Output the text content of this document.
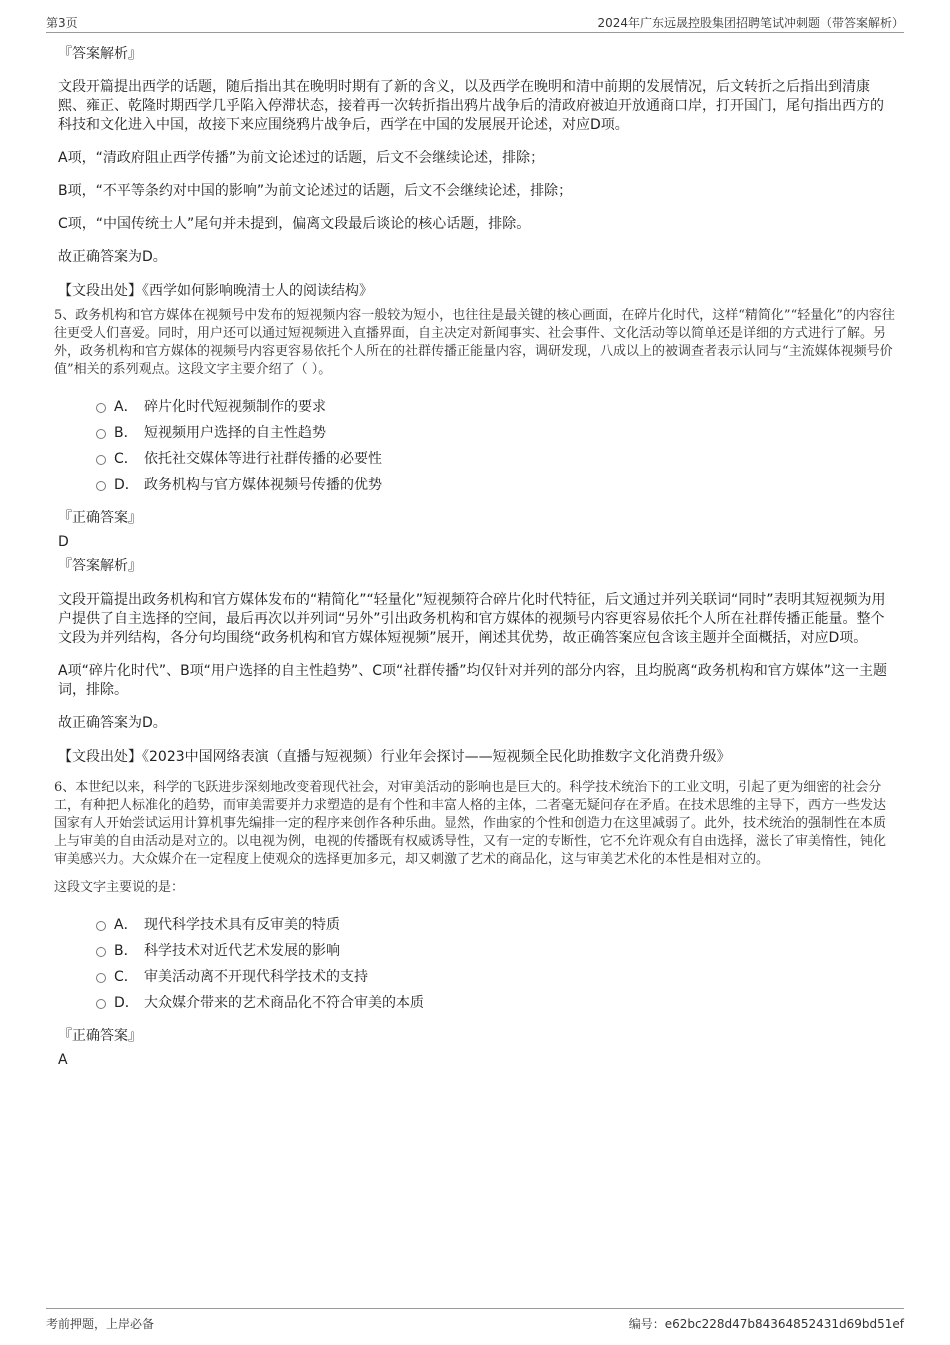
第3页	2024年广东远晟控股集团招聘笔试冲刺题（带答案解析）
『答案解析』

文段开篇提出西学的话题，随后指出其在晚明时期有了新的含义，以及西学在晚明和清中前期的发展情况，后文转折之后指出到清康熙、雍正、乾隆时期西学几乎陷入停滞状态，接着再一次转折指出鸦片战争后的清政府被迫开放通商口岸，打开国门，尾句指出西方的科技和文化进入中国，故接下来应围绕鸦片战争后，西学在中国的发展展开论述，对应D项。

A项，“清政府阻止西学传播”为前文论述过的话题，后文不会继续论述，排除；

B项，“不平等条约对中国的影响”为前文论述过的话题，后文不会继续论述，排除；

C项，“中国传统士人”尾句并未提到，偏离文段最后谈论的核心话题，排除。

故正确答案为D。

【文段出处】《西学如何影响晚清士人的阅读结构》

5、政务机构和官方媒体在视频号中发布的短视频内容一般较为短小，也往往是最关键的核心画面，在碎片化时代，这样“精简化”“轻量化”的内容往往更受人们喜爱。同时，用户还可以通过短视频进入直播界面，自主决定对新闻事实、社会事件、文化活动等以简单还是详细的方式进行了解。另外，政务机构和官方媒体的视频号内容更容易依托个人所在的社群传播正能量内容，调研发现，八成以上的被调查者表示认同与“主流媒体视频号价值”相关的系列观点。这段文字主要介绍了（ ）。

A． 碎片化时代短视频制作的要求
B． 短视频用户选择的自主性趋势
C． 依托社交媒体等进行社群传播的必要性
D． 政务机构与官方媒体视频号传播的优势
『正确答案』
D
『答案解析』

文段开篇提出政务机构和官方媒体发布的“精简化”“轻量化”短视频符合碎片化时代特征，后文通过并列关联词“同时”表明其短视频为用户提供了自主选择的空间，最后再次以并列词“另外”引出政务机构和官方媒体的视频号内容更容易依托个人所在社群传播正能量。整个文段为并列结构，各分句均围绕“政务机构和官方媒体短视频”展开，阐述其优势，故正确答案应包含该主题并全面概括，对应D项。

A项“碎片化时代”、B项“用户选择的自主性趋势”、C项“社群传播”均仅针对并列的部分内容，且均脱离“政务机构和官方媒体”这一主题词，排除。

故正确答案为D。

【文段出处】《2023中国网络表演（直播与短视频）行业年会探讨——短视频全民化助推数字文化消费升级》

6、本世纪以来，科学的飞跃进步深刻地改变着现代社会，对审美活动的影响也是巨大的。科学技术统治下的工业文明，引起了更为细密的社会分工，有种把人标准化的趋势，而审美需要并力求塑造的是有个性和丰富人格的主体，二者毫无疑问存在矛盾。在技术思维的主导下，西方一些发达国家有人开始尝试运用计算机事先编排一定的程序来创作各种乐曲。显然，作曲家的个性和创造力在这里减弱了。此外，技术统治的强制性在本质上与审美的自由活动是对立的。以电视为例，电视的传播既有权威诱导性，又有一定的专断性，它不允许观众有自由选择，滋长了审美惰性，钝化审美感兴力。大众媒介在一定程度上使观众的选择更加多元，却又刺激了艺术的商品化，这与审美艺术化的本性是相对立的。

这段文字主要说的是：

A． 现代科学技术具有反审美的特质
B． 科学技术对近代艺术发展的影响
C． 审美活动离不开现代科学技术的支持
D． 大众媒介带来的艺术商品化不符合审美的本质
『正确答案』
A
考前押题，上岸必备	编号：e62bc228d47b84364852431d69bd51ef
